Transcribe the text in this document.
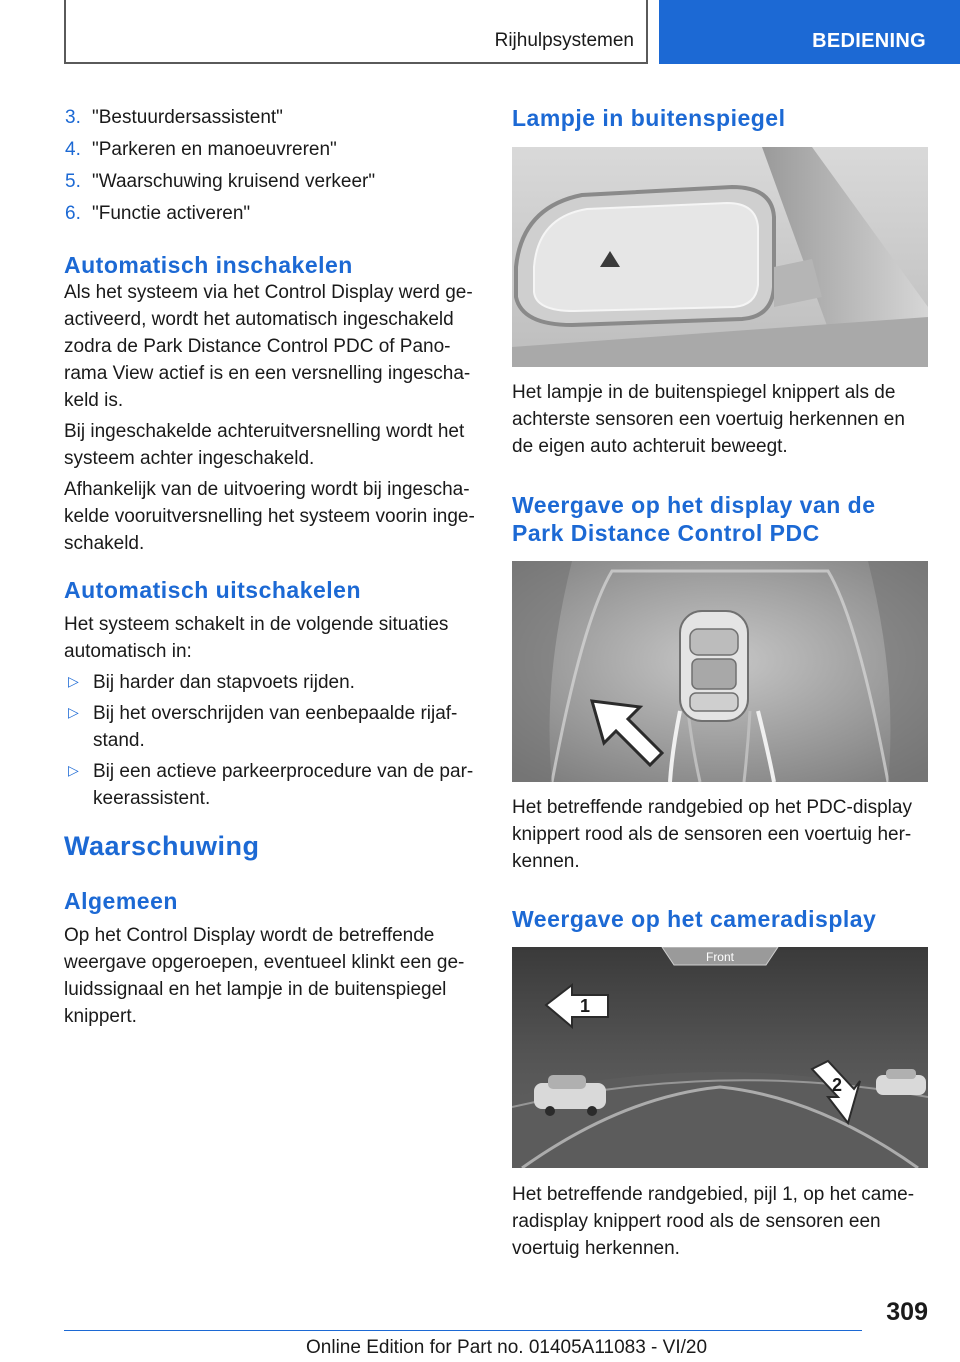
Rijhulpsystemen	BEDIENING
3. "Bestuurdersassistent"
4. "Parkeren en manoeuvreren"
5. "Waarschuwing kruisend verkeer"
6. "Functie activeren"
Automatisch inschakelen
Als het systeem via het Control Display werd ge-
activeerd, wordt het automatisch ingeschakeld
zodra de Park Distance Control PDC of Pano-
rama View actief is en een versnelling ingescha-
keld is.
Bij ingeschakelde achteruitversnelling wordt het
systeem achter ingeschakeld.
Afhankelijk van de uitvoering wordt bij ingescha-
kelde vooruitversnelling het systeem voorin inge-
schakeld.
Automatisch uitschakelen
Het systeem schakelt in de volgende situaties
automatisch in:
▷ Bij harder dan stapvoets rijden.
▷ Bij het overschrijden van eenbepaalde rijaf-
stand.
▷ Bij een actieve parkeerprocedure van de par-
keerassistent.
Waarschuwing
Algemeen
Op het Control Display wordt de betreffende
weergave opgeroepen, eventueel klinkt een ge-
luidssignaal en het lampje in de buitenspiegel
knippert.
Lampje in buitenspiegel
Het lampje in de buitenspiegel knippert als de
achterste sensoren een voertuig herkennen en
de eigen auto achteruit beweegt.
Weergave op het display van de
Park Distance Control PDC
Het betreffende randgebied op het PDC-display
knippert rood als de sensoren een voertuig her-
kennen.
Weergave op het cameradisplay
Front
1
2
Het betreffende randgebied, pijl 1, op het came-
radisplay knippert rood als de sensoren een
voertuig herkennen.
309
Online Edition for Part no. 01405A11083 - VI/20
